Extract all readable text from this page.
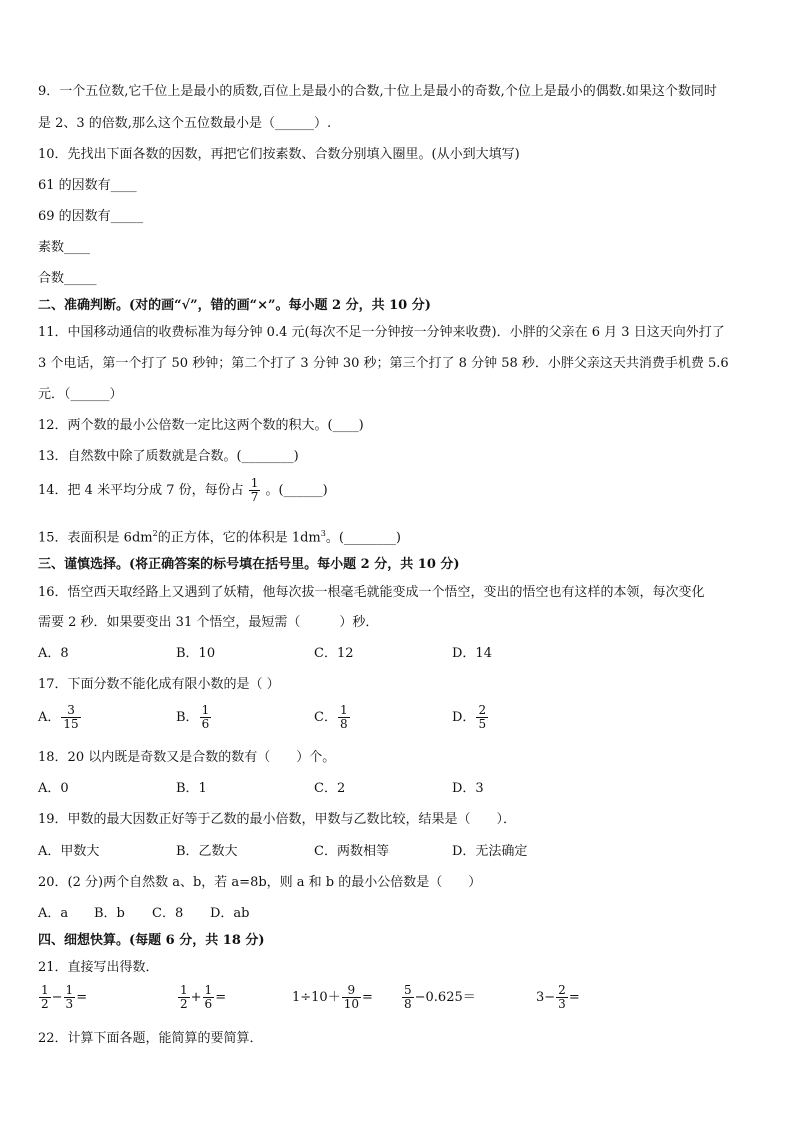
9．一个五位数,它千位上是最小的质数,百位上是最小的合数,十位上是最小的奇数,个位上是最小的偶数.如果这个数同时
是 2、3 的倍数,那么这个五位数最小是（______）.
10．先找出下面各数的因数，再把它们按素数、合数分别填入圈里。(从小到大填写)
61 的因数有____
69 的因数有_____
素数____
合数_____
二、准确判断。(对的画“√”，错的画“×”。每小题 2 分，共 10 分)
11．中国移动通信的收费标准为每分钟 0.4 元(每次不足一分钟按一分钟来收费)．小胖的父亲在 6 月 3 日这天向外打了
3 个电话，第一个打了 50 秒钟；第二个打了 3 分钟 30 秒；第三个打了 8 分钟 58 秒．小胖父亲这天共消费手机费 5.6
元．（______）
12．两个数的最小公倍数一定比这两个数的积大。(____)
13．自然数中除了质数就是合数。(________)
14．把 4 米平均分成 7 份，每份占 $\frac{1}{7}$ 。(______)
15．表面积是 $6dm^2$的正方体，它的体积是 $1dm^3$。(________)
三、谨慎选择。(将正确答案的标号填在括号里。每小题 2 分，共 10 分)
16．悟空西天取经路上又遇到了妖精，他每次拔一根毫毛就能变成一个悟空，变出的悟空也有这样的本领，每次变化
需要 2 秒．如果要变出 31 个悟空，最短需（　　　）秒．
A．8	B．10	C．12	D．14
17．下面分数不能化成有限小数的是（ ）
A． $\frac{3}{15}$	B． $\frac{1}{6}$	C． $\frac{1}{8}$	D． $\frac{2}{5}$
18．20 以内既是奇数又是合数的数有（　　）个。
A．0	B．1	C．2	D．3
19．甲数的最大因数正好等于乙数的最小倍数，甲数与乙数比较，结果是（　　）．
A．甲数大	B．乙数大	C．两数相等	D．无法确定
20．(2 分)两个自然数 a、b，若 a=8b，则 a 和 b 的最小公倍数是（　　）
A．a B．b C．8 D．ab
四、细想快算。(每题 6 分，共 18 分)
21．直接写出得数．
$\frac{1}{2} - \frac{1}{3}$ =	$\frac{1}{2} + \frac{1}{6}$ =	$1\div 10+ \frac{9}{10} = \frac{5}{8} -0.625=$	$3- \frac{2}{3}$ =
22．计算下面各题，能简算的要简算．
